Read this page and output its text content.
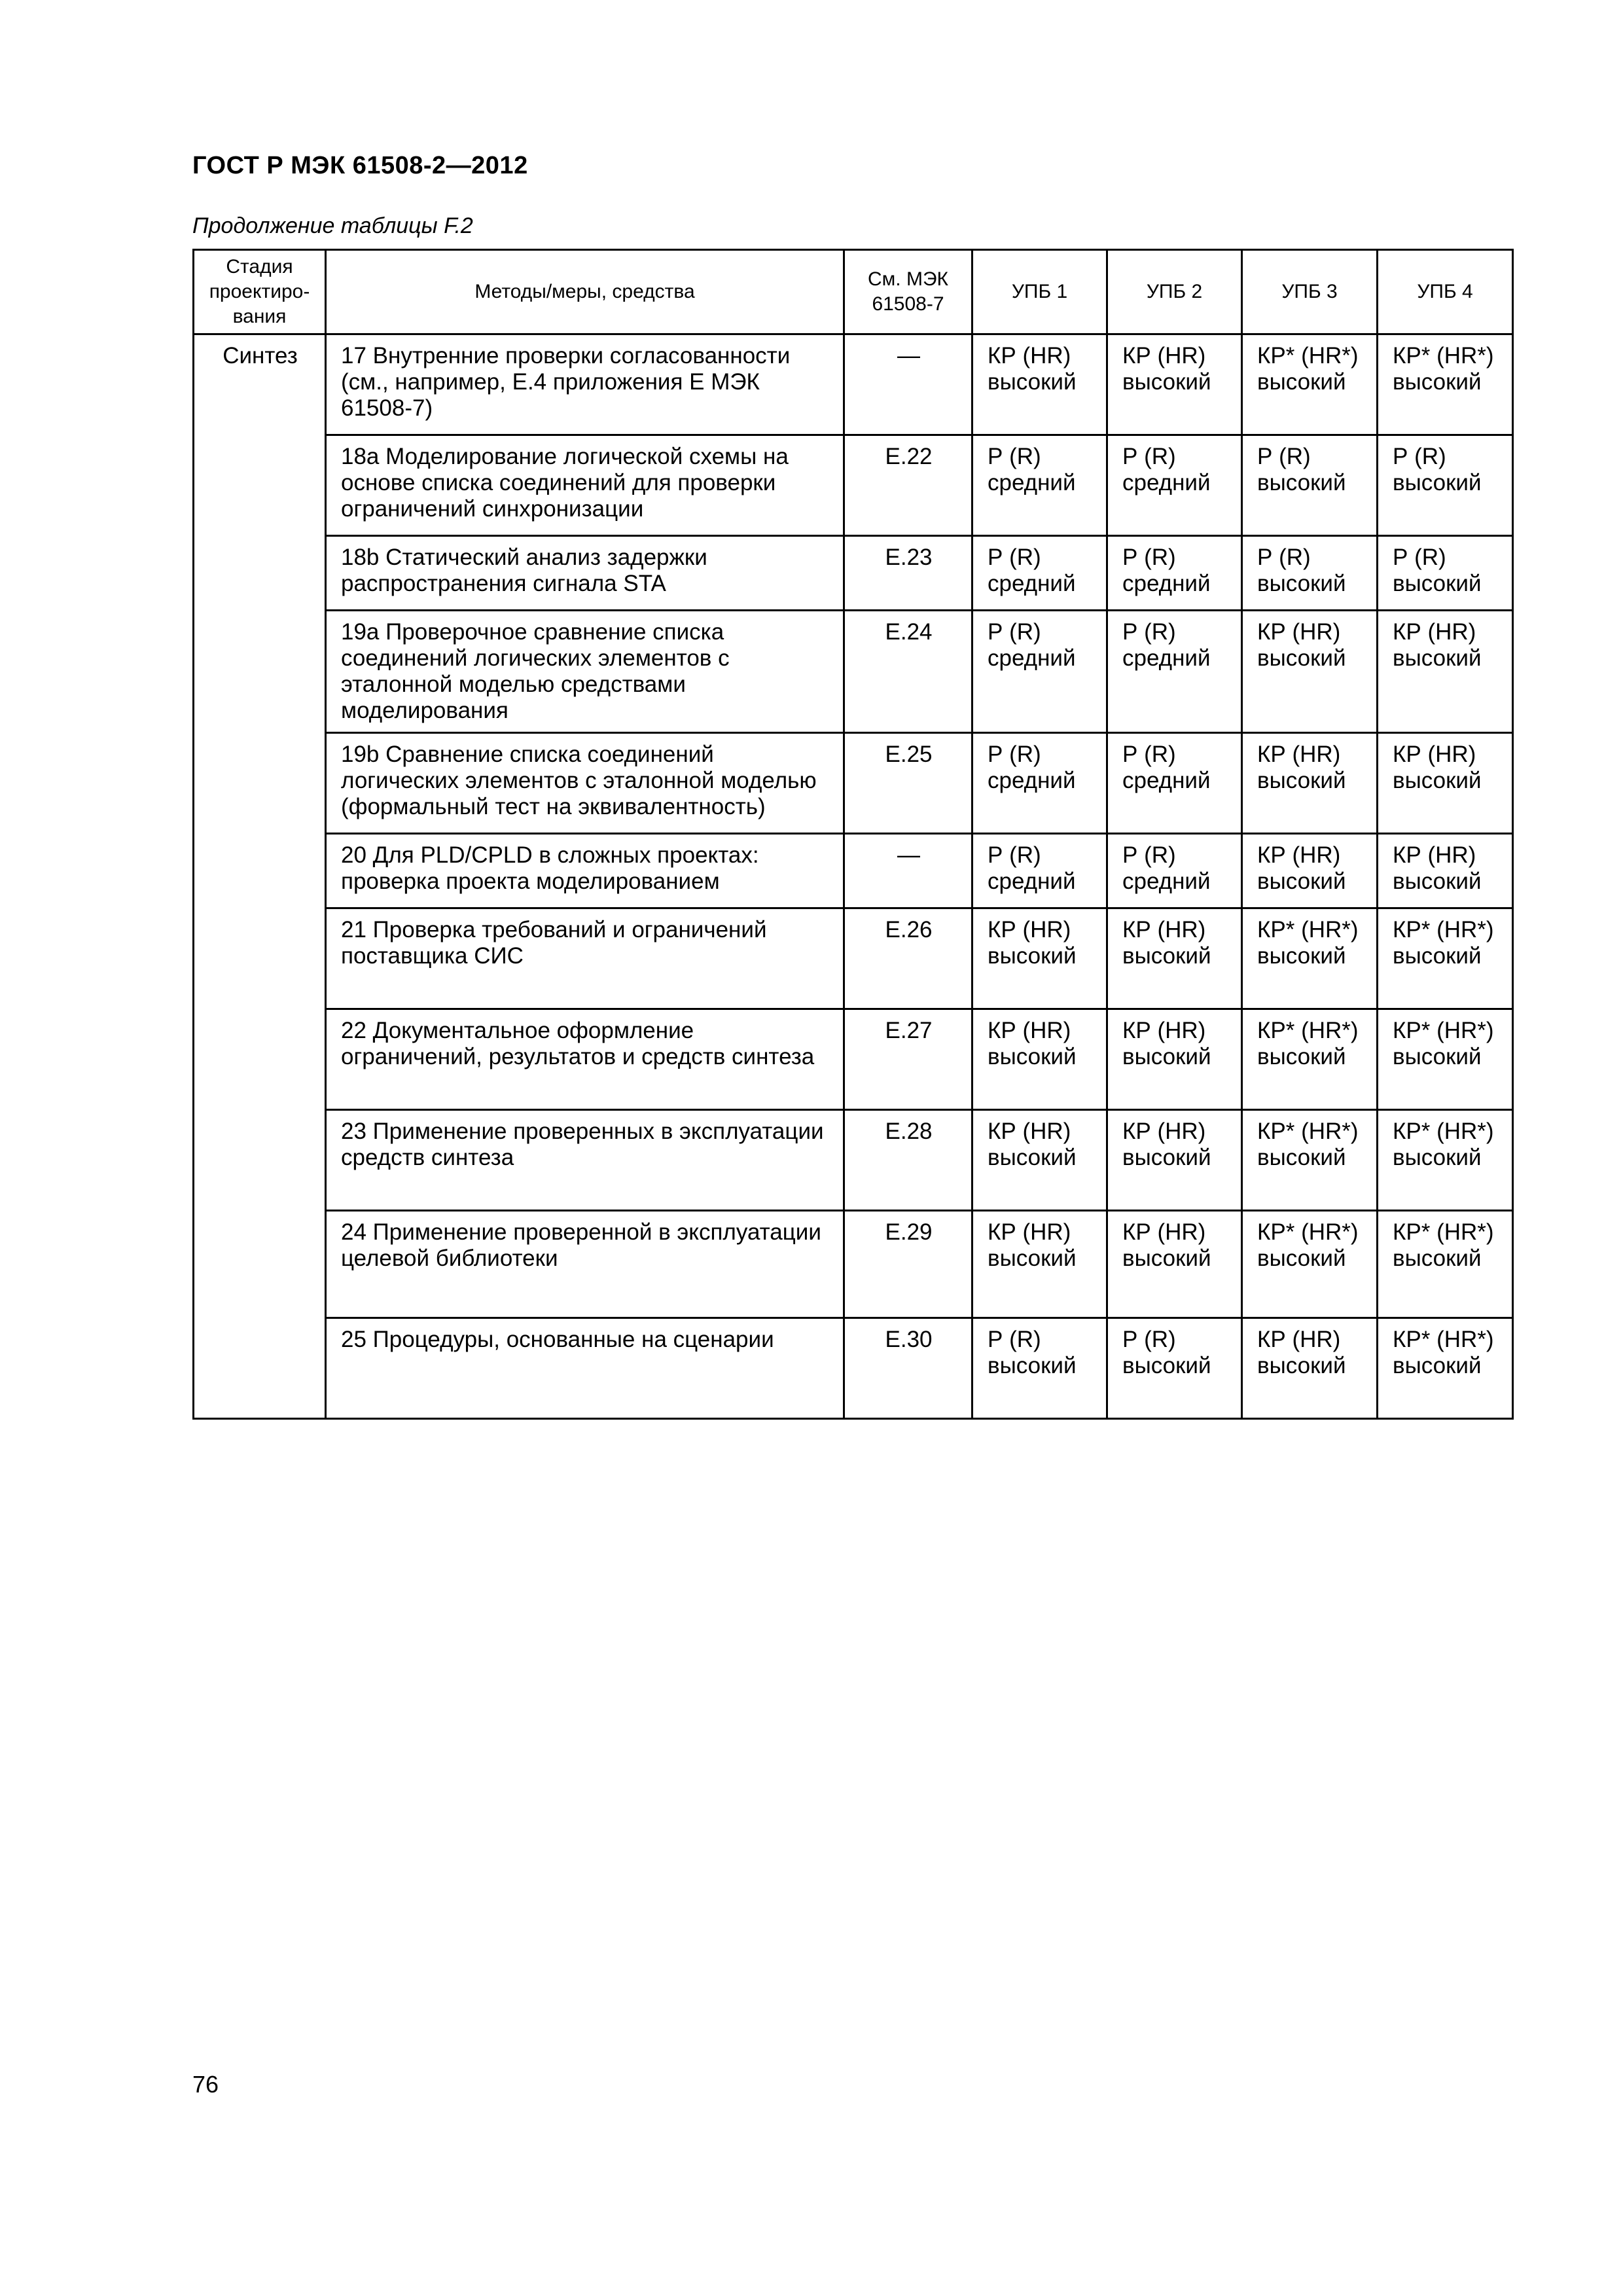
ГОСТ Р МЭК 61508-2—2012
Продолжение таблицы F.2
Стадия проектиро-вания	Методы/меры, средства	См. МЭК 61508-7	УПБ 1	УПБ 2	УПБ 3	УПБ 4
Синтез	17 Внутренние проверки согласованности (см., например, Е.4 приложения Е МЭК 61508-7)	—	КР (HR) высокий	КР (HR) высокий	КР* (HR*) высокий	КР* (HR*) высокий
	18a Моделирование логической схемы на основе списка соединений для проверки ограничений синхронизации	E.22	Р (R) средний	Р (R) средний	Р (R) высокий	Р (R) высокий
	18b Статический анализ задержки распространения сигнала STA	E.23	Р (R) средний	Р (R) средний	Р (R) высокий	Р (R) высокий
	19a Проверочное сравнение списка соединений логических элементов с эталонной моделью средствами моделирования	E.24	Р (R) средний	Р (R) средний	КР (HR) высокий	КР (HR) высокий
	19b Сравнение списка соединений логических элементов с эталонной моделью (формальный тест на эквивалентность)	E.25	Р (R) средний	Р (R) средний	КР (HR) высокий	КР (HR) высокий
	20 Для PLD/CPLD в сложных проектах: проверка проекта моделированием	—	Р (R) средний	Р (R) средний	КР (HR) высокий	КР (HR) высокий
	21 Проверка требований и ограничений поставщика СИС	E.26	КР (HR) высокий	КР (HR) высокий	КР* (HR*) высокий	КР* (HR*) высокий
	22 Документальное оформление ограничений, результатов и средств синтеза	E.27	КР (HR) высокий	КР (HR) высокий	КР* (HR*) высокий	КР* (HR*) высокий
	23 Применение проверенных в эксплуатации средств синтеза	E.28	КР (HR) высокий	КР (HR) высокий	КР* (HR*) высокий	КР* (HR*) высокий
	24 Применение проверенной в эксплуатации целевой библиотеки	E.29	КР (HR) высокий	КР (HR) высокий	КР* (HR*) высокий	КР* (HR*) высокий
	25 Процедуры, основанные на сценарии	E.30	Р (R) высокий	Р (R) высокий	КР (HR) высокий	КР* (HR*) высокий
76
